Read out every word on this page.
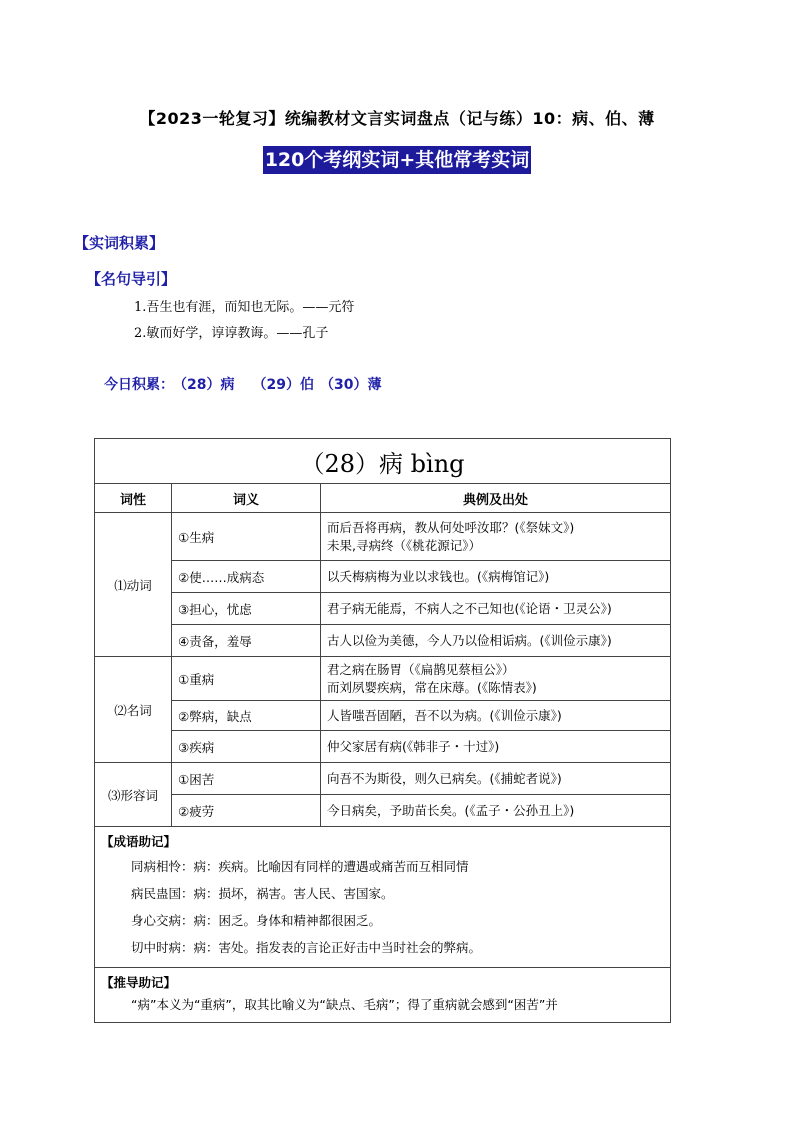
【2023一轮复习】统编教材文言实词盘点（记与练）10：病、伯、薄
120个考纲实词+其他常考实词
【实词积累】
【名句导引】
1.吾生也有涯，而知也无际。——元符
2.敏而好学，谆谆教诲。——孔子
今日积累： （28）病 （29）伯 （30）薄
（28）病 bìng		
词性	词义	典例及出处
⑴动词	①生病	而后吾将再病，教从何处呼汝耶？(《祭妹文》)
未果,寻病终（《桃花源记》）

	②使……成病态	以夭梅病梅为业以求钱也。(《病梅馆记》)

	③担心，忧虑	君子病无能焉，不病人之不己知也(《论语・卫灵公》)

	④责备，羞辱	古人以俭为美德，今人乃以俭相诟病。(《训俭示康》)

⑵名词	①重病	君之病在肠胃（《扁鹊见蔡桓公》）
而刘夙婴疾病，常在床蓐。(《陈情表》)

	②弊病，缺点	人皆嗤吾固陋，吾不以为病。(《训俭示康》)

	③疾病	仲父家居有病(《韩非子・十过》)

⑶形容词	①困苦	向吾不为斯役，则久已病矣。(《捕蛇者说》)

	②疲劳	今日病矣，予助苗长矣。(《孟子・公孙丑上》)

【成语助记】
同病相怜：病：疾病。比喻因有同样的遭遇或痛苦而互相同情
病民蛊国：病：损坏，祸害。害人民、害国家。
身心交病：病：困乏。身体和精神都很困乏。
切中时病：病：害处。指发表的言论正好击中当时社会的弊病。		

【推导助记】
“病”本义为“重病”，取其比喻义为“缺点、毛病”；得了重病就会感到“困苦”并		
